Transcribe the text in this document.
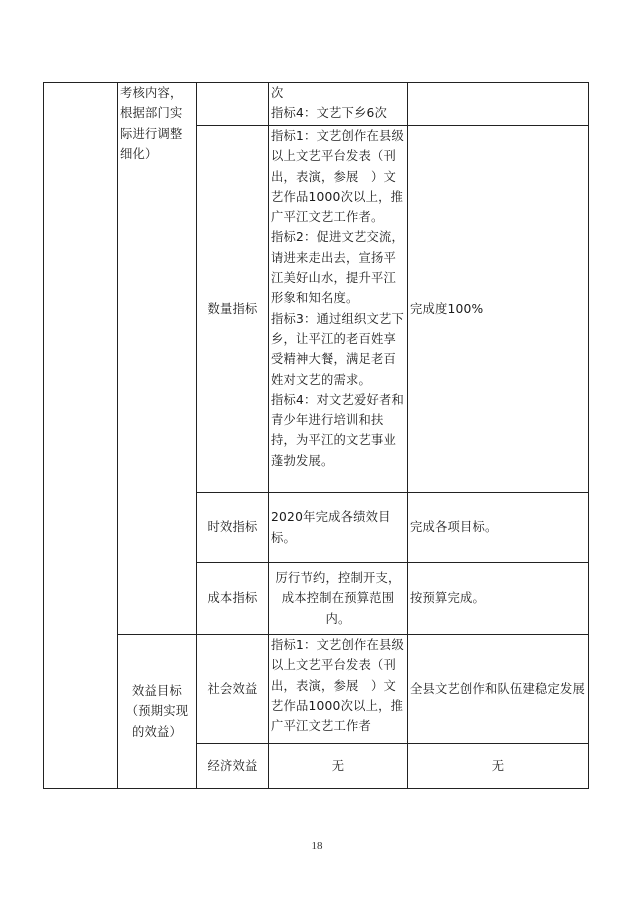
	考核内容，根据部门实际进行调整细化）		次
指标4：文艺下乡6次	

		数量指标	指标1：文艺创作在县级以上文艺平台发表（刊出，表演，参展　）文艺作品1000次以上，推广平江文艺工作者。
指标2：促进文艺交流，请进来走出去，宣扬平江美好山水，提升平江形象和知名度。
指标3：通过组织文艺下乡，让平江的老百姓享受精神大餐，满足老百姓对文艺的需求。
指标4：对文艺爱好者和青少年进行培训和扶持，为平江的文艺事业蓬勃发展。	完成度100%
		时效指标	2020年完成各绩效目标。	完成各项目标。
		成本指标	厉行节约，控制开支，成本控制在预算范围内。	按预算完成。
	效益目标（预期实现的效益）	社会效益	指标1：文艺创作在县级以上文艺平台发表（刊出，表演，参展　）文艺作品1000次以上，推广平江文艺工作者	全县文艺创作和队伍建稳定发展
		经济效益	无	无
18
